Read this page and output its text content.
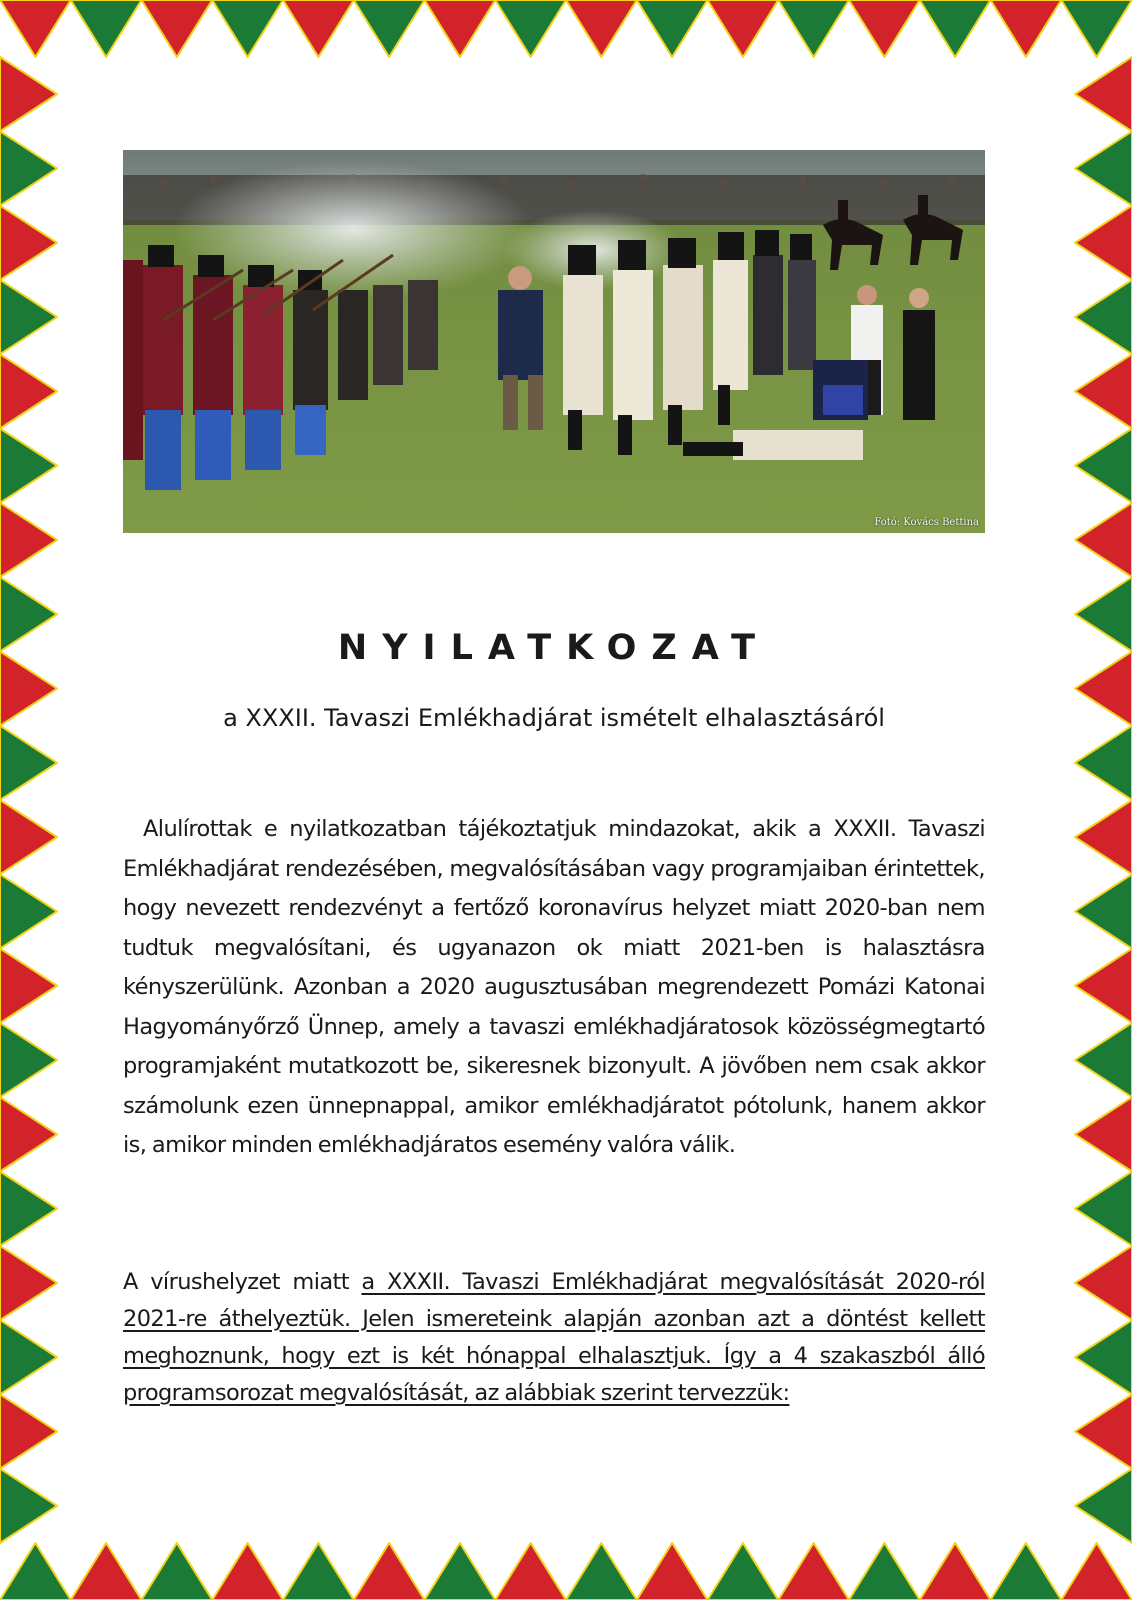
Fotó: Kovács Bettina
NYILATKOZAT

a XXXII. Tavaszi Emlékhadjárat ismételt elhalasztásáról

Alulírottak e nyilatkozatban tájékoztatjuk mindazokat, akik a XXXII. Tavaszi Emlékhadjárat rendezésében, megvalósításában vagy programjaiban érintettek, hogy nevezett rendezvényt a fertőző koronavírus helyzet miatt 2020-ban nem tudtuk megvalósítani, és ugyanazon ok miatt 2021-ben is halasztásra kényszerülünk. Azonban a 2020 augusztusában megrendezett Pomázi Katonai Hagyományőrző Ünnep, amely a tavaszi emlékhadjáratosok közösségmegtartó programjaként mutatkozott be, sikeresnek bizonyult. A jövőben nem csak akkor számolunk ezen ünnepnappal, amikor emlékhadjáratot pótolunk, hanem akkor is, amikor minden emlékhadjáratos esemény valóra válik.

A vírushelyzet miatt a XXXII. Tavaszi Emlékhadjárat megvalósítását 2020-ról 2021-re áthelyeztük. Jelen ismereteink alapján azonban azt a döntést kellett meghoznunk, hogy ezt is két hónappal elhalasztjuk. Így a 4 szakaszból álló programsorozat megvalósítását, az alábbiak szerint tervezzük:
